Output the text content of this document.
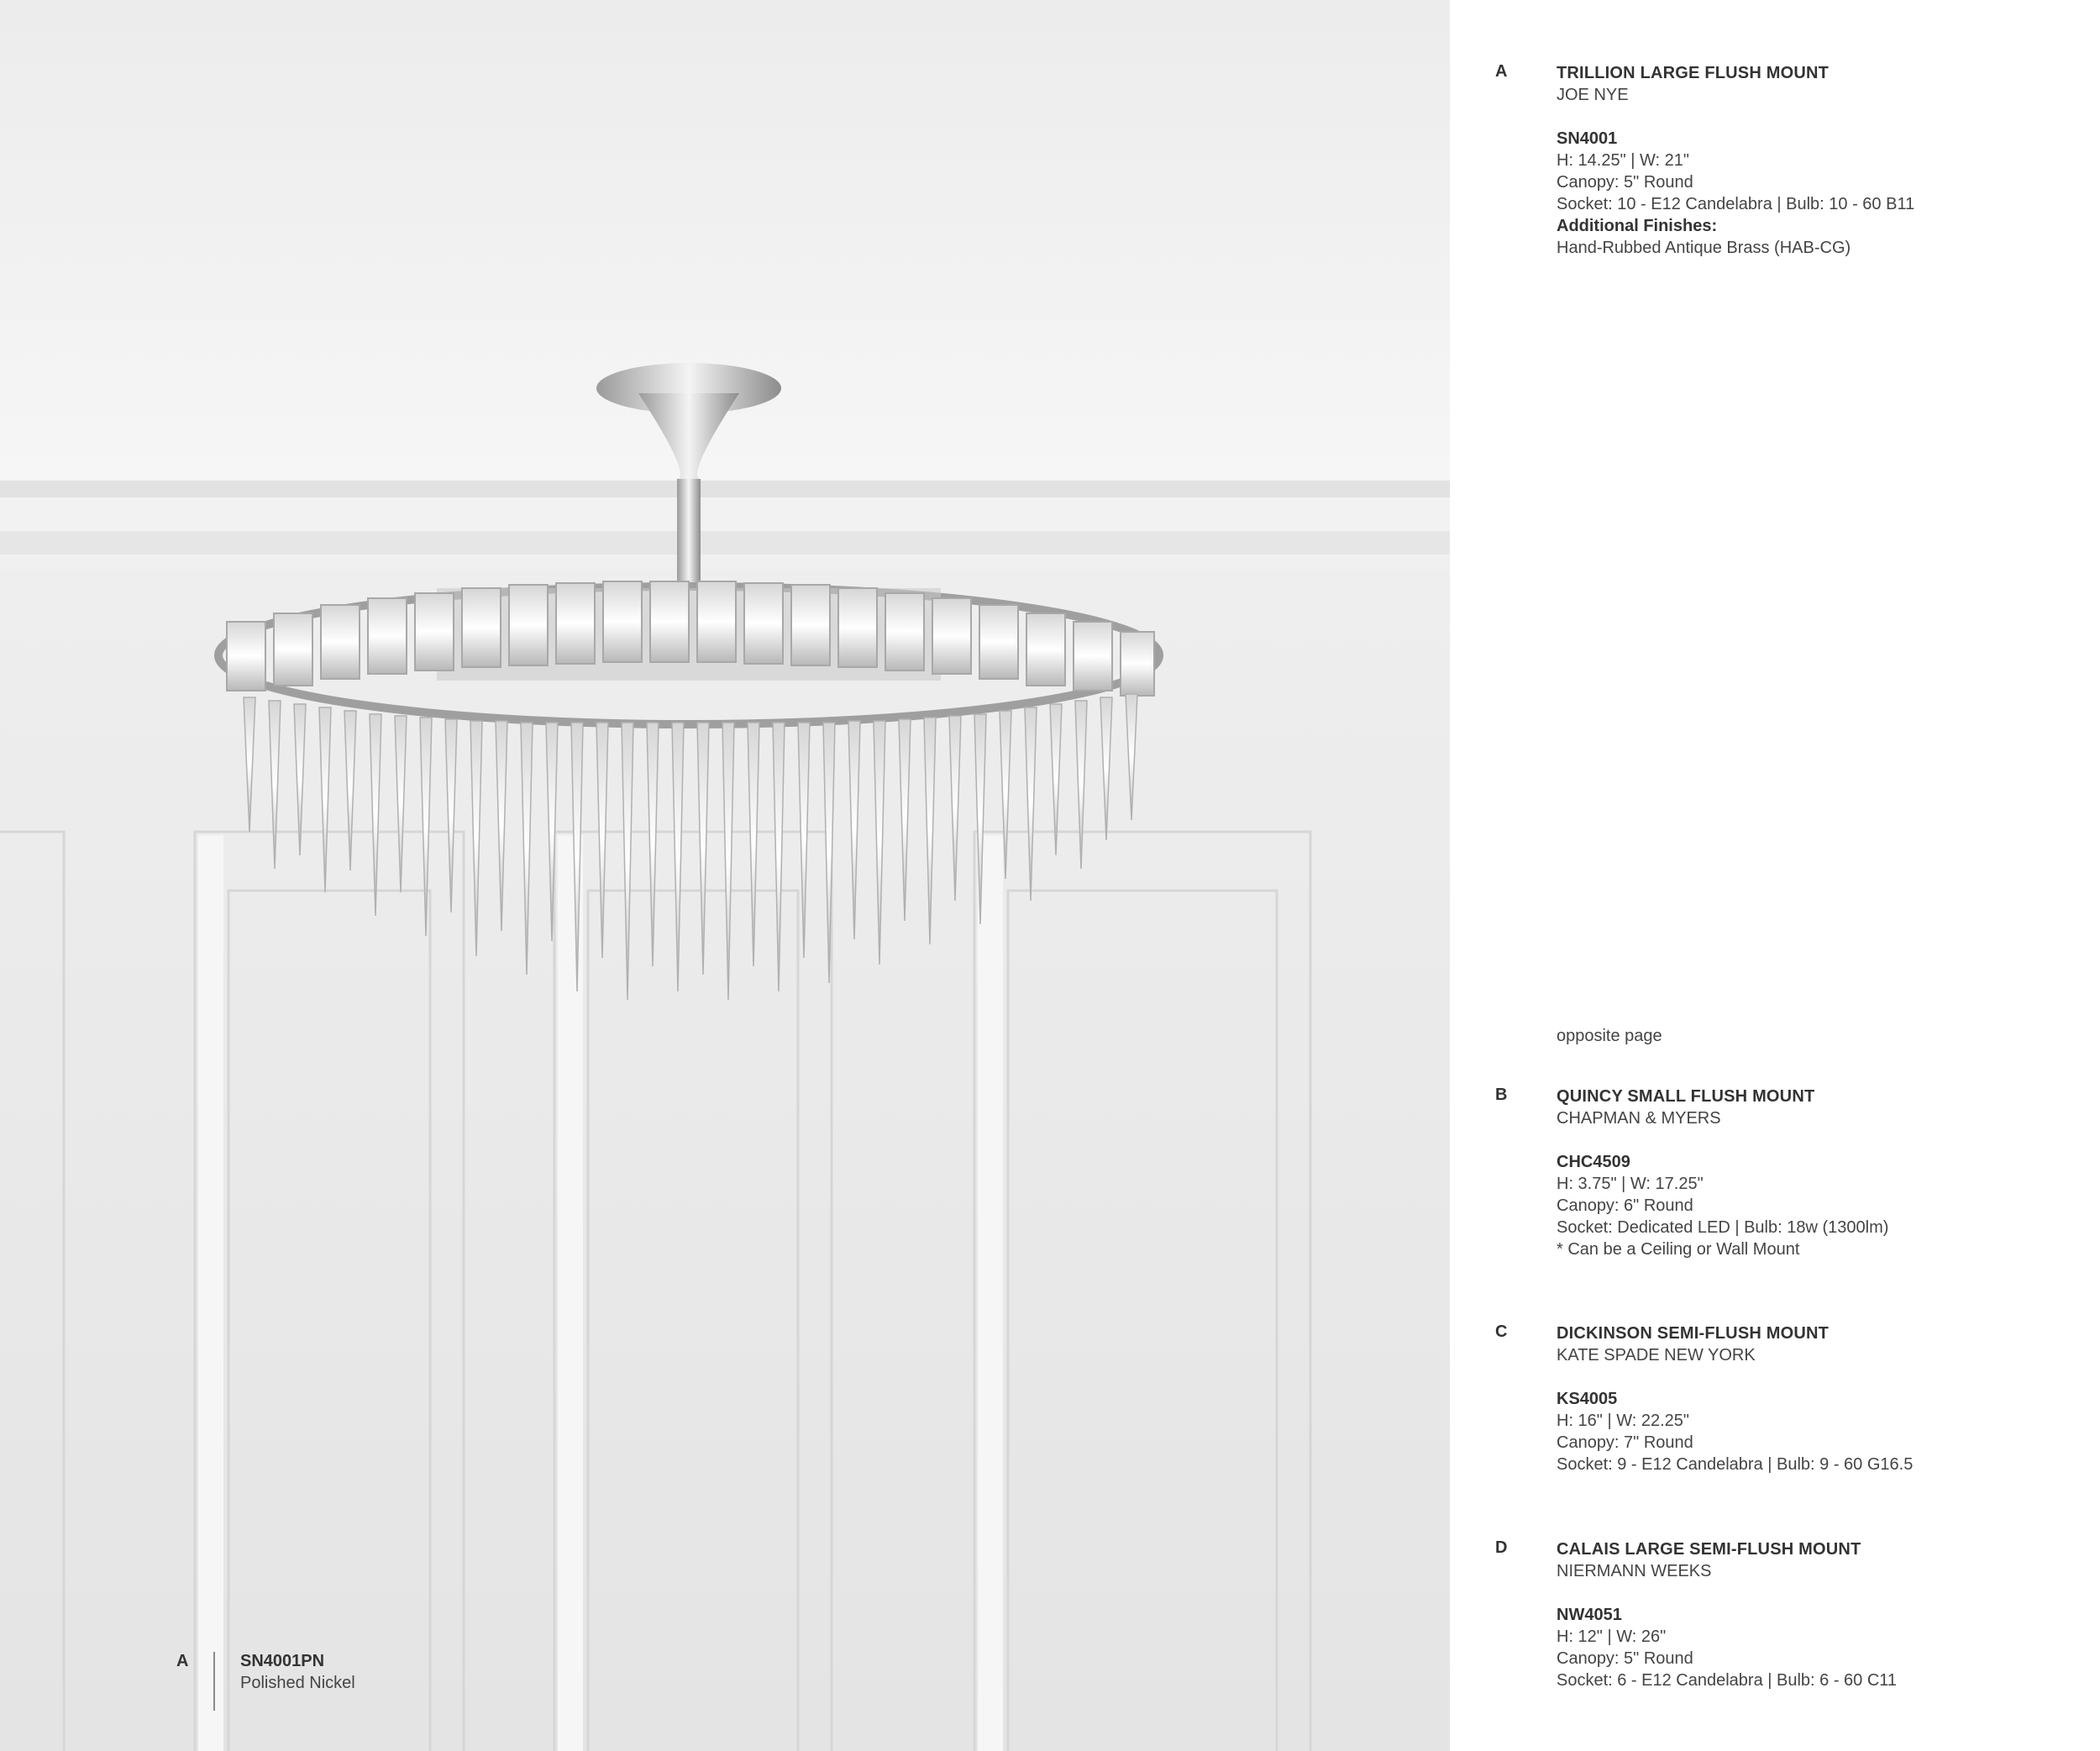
A	SN4001PN
Polished Nickel
A	TRILLION LARGE FLUSH MOUNT
JOE NYE
SN4001
H: 14.25" | W: 21"
Canopy: 5" Round
Socket: 10 - E12 Candelabra | Bulb: 10 - 60 B11
Additional Finishes:
Hand-Rubbed Antique Brass (HAB-CG)
opposite page
B	QUINCY SMALL FLUSH MOUNT
CHAPMAN & MYERS
CHC4509
H: 3.75" | W: 17.25"
Canopy: 6" Round
Socket: Dedicated LED | Bulb: 18w (1300lm)
* Can be a Ceiling or Wall Mount
C	DICKINSON SEMI-FLUSH MOUNT
KATE SPADE NEW YORK
KS4005
H: 16" | W: 22.25"
Canopy: 7" Round
Socket: 9 - E12 Candelabra | Bulb: 9 - 60 G16.5
D	CALAIS LARGE SEMI-FLUSH MOUNT
NIERMANN WEEKS
NW4051
H: 12" | W: 26"
Canopy: 5" Round
Socket: 6 - E12 Candelabra | Bulb: 6 - 60 C11
